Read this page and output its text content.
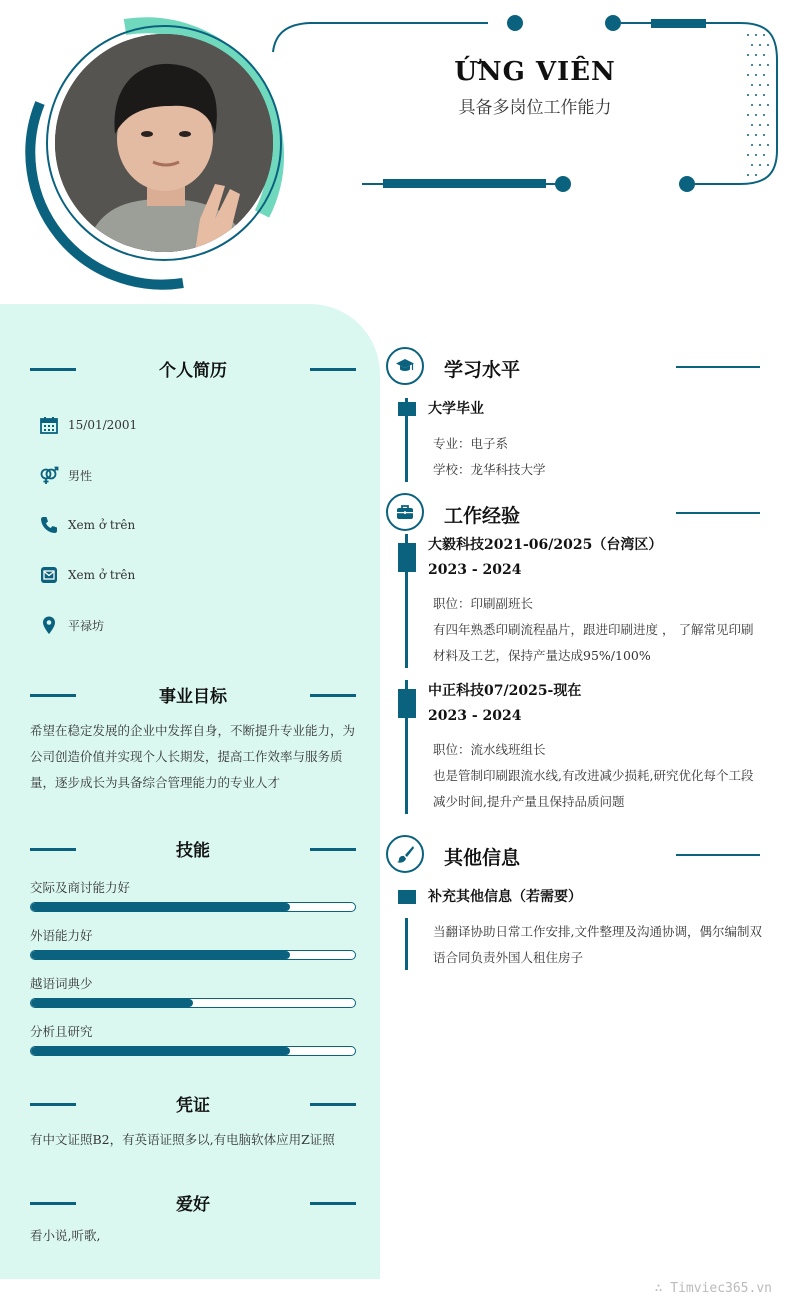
ỨNG VIÊN
具备多岗位工作能力
个人简历
15/01/2001
男性
Xem ở trên
Xem ở trên
平禄坊
事业目标
希望在稳定发展的企业中发挥自身，不断提升专业能力，为公司创造价值并实现个人长期发，提高工作效率与服务质量，逐步成长为具备综合管理能力的专业人才
技能
交际及商讨能力好
外语能力好
越语词典少
分析且研究
凭证
有中文证照B2，有英语证照多以,有电脑软体应用Z证照
爱好
看小说,听歌,
学习水平
大学毕业
专业：电子系
学校：龙华科技大学
工作经验
大毅科技2021-06/2025（台湾区）
2023 - 2024
职位：印刷副班长
有四年熟悉印刷流程晶片，跟进印刷进度 ， 了解常见印刷材料及工艺，保持产量达成95%/100%
中正科技07/2025-现在
2023 - 2024
职位：流水线班组长
也是管制印刷跟流水线,有改进减少损耗,研究优化每个工段减少时间,提升产量且保持品质问题
其他信息
补充其他信息（若需要）
当翻译协助日常工作安排,文件整理及沟通协调，偶尔编制双语合同负责外国人租住房子
∴ Timviec365.vn
